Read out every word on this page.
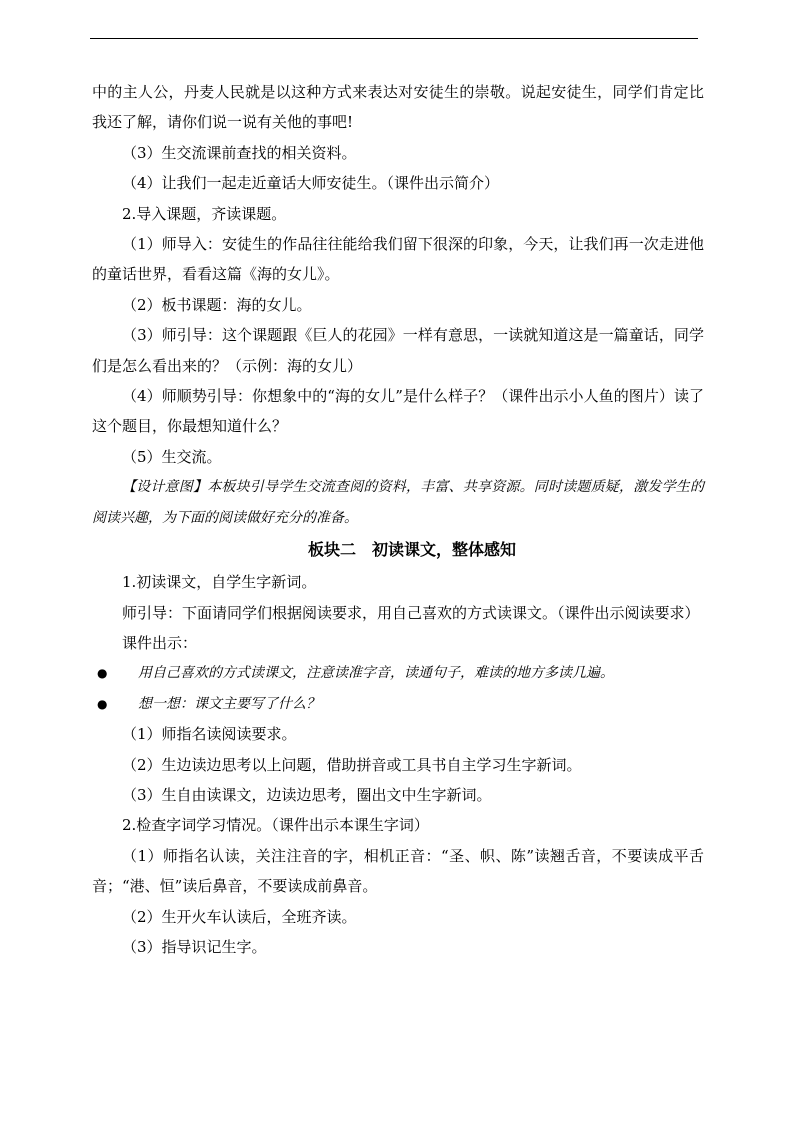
中的主人公，丹麦人民就是以这种方式来表达对安徒生的崇敬。说起安徒生，同学们肯定比我还了解，请你们说一说有关他的事吧!

（3）生交流课前查找的相关资料。

（4）让我们一起走近童话大师安徒生。（课件出示简介）

2.导入课题，齐读课题。

（1）师导入：安徒生的作品往往能给我们留下很深的印象，今天，让我们再一次走进他的童话世界，看看这篇《海的女儿》。

（2）板书课题：海的女儿。

（3）师引导：这个课题跟《巨人的花园》一样有意思，一读就知道这是一篇童话，同学们是怎么看出来的？（示例：海的女儿）

（4）师顺势引导：你想象中的“海的女儿”是什么样子？（课件出示小人鱼的图片）读了这个题目，你最想知道什么？

（5）生交流。

【设计意图】本板块引导学生交流查阅的资料，丰富、共享资源。同时读题质疑，激发学生的阅读兴趣，为下面的阅读做好充分的准备。

板块二　初读课文，整体感知

1.初读课文，自学生字新词。

师引导：下面请同学们根据阅读要求，用自己喜欢的方式读课文。（课件出示阅读要求）

课件出示：

● 用自己喜欢的方式读课文，注意读准字音，读通句子，难读的地方多读几遍。

● 想一想：课文主要写了什么？

（1）师指名读阅读要求。

（2）生边读边思考以上问题，借助拼音或工具书自主学习生字新词。

（3）生自由读课文，边读边思考，圈出文中生字新词。

2.检查字词学习情况。（课件出示本课生字词）

（1）师指名认读，关注注音的字，相机正音：“圣、帜、陈”读翘舌音，不要读成平舌音；“港、恒”读后鼻音，不要读成前鼻音。

（2）生开火车认读后，全班齐读。

（3）指导识记生字。
